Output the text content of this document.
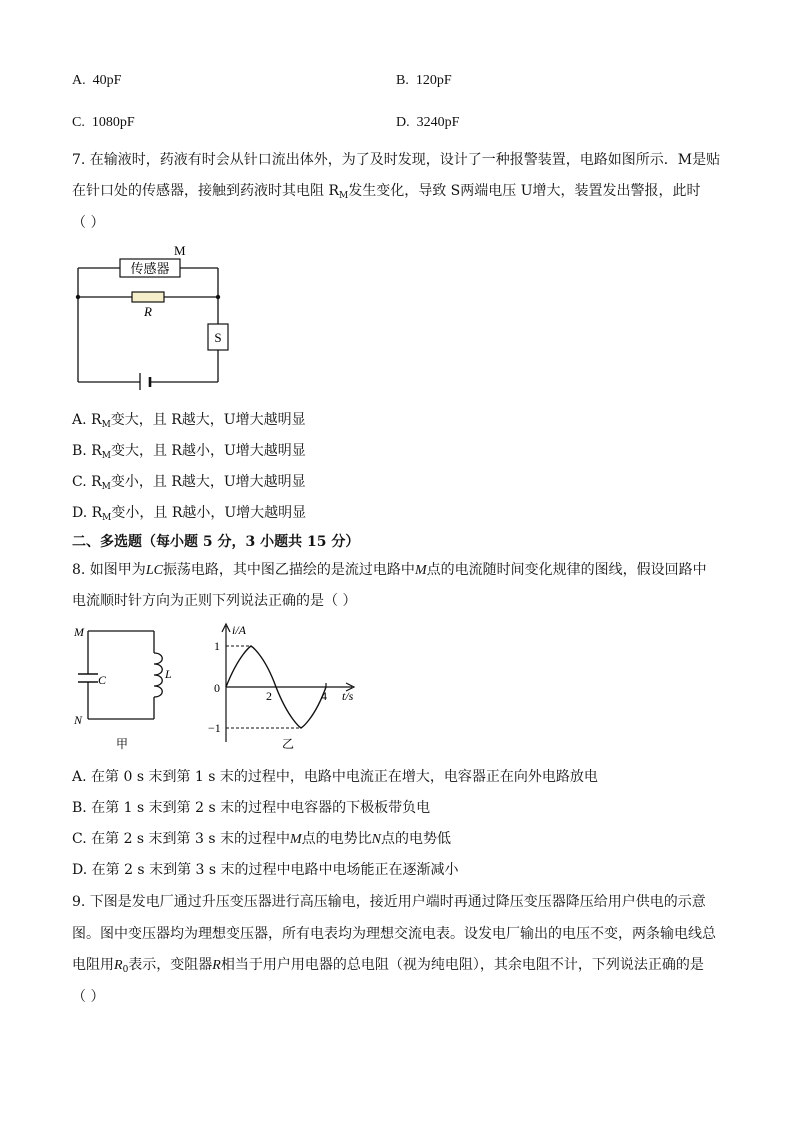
A. 40pF	B. 120pF
C. 1080pF	D. 3240pF
7. 在输液时，药液有时会从针口流出体外，为了及时发现，设计了一种报警装置，电路如图所示．M是贴
在针口处的传感器，接触到药液时其电阻 $R_M$发生变化，导致 S两端电压 U增大，装置发出警报，此时
（ ）
传感器
M
R
S
A. $R_M$变大，且 R越大，U增大越明显
B. $R_M$变大，且 R越小，U增大越明显
C. $R_M$变小，且 R越大，U增大越明显
D. $R_M$变小，且 R越小，U增大越明显
二、多选题（每小题 5 分，3 小题共 15 分）
8. 如图甲为LC振荡电路，其中图乙描绘的是流过电路中M点的电流随时间变化规律的图线，假设回路中
电流顺时针方向为正则下列说法正确的是（ ）
M
N
C	L
甲
i/A
t/s
1
0
−1
2	4
乙
A. 在第 0 s 末到第 1 s 末的过程中，电路中电流正在增大，电容器正在向外电路放电
B. 在第 1 s 末到第 2 s 末的过程中电容器的下极板带负电
C. 在第 2 s 末到第 3 s 末的过程中M点的电势比N点的电势低
D. 在第 2 s 末到第 3 s 末的过程中电路中电场能正在逐渐减小
9. 下图是发电厂通过升压变压器进行高压输电，接近用户端时再通过降压变压器降压给用户供电的示意
图。图中变压器均为理想变压器，所有电表均为理想交流电表。设发电厂输出的电压不变，两条输电线总
电阻用$R_0$表示，变阻器R相当于用户用电器的总电阻（视为纯电阻），其余电阻不计，下列说法正确的是
（ ）
